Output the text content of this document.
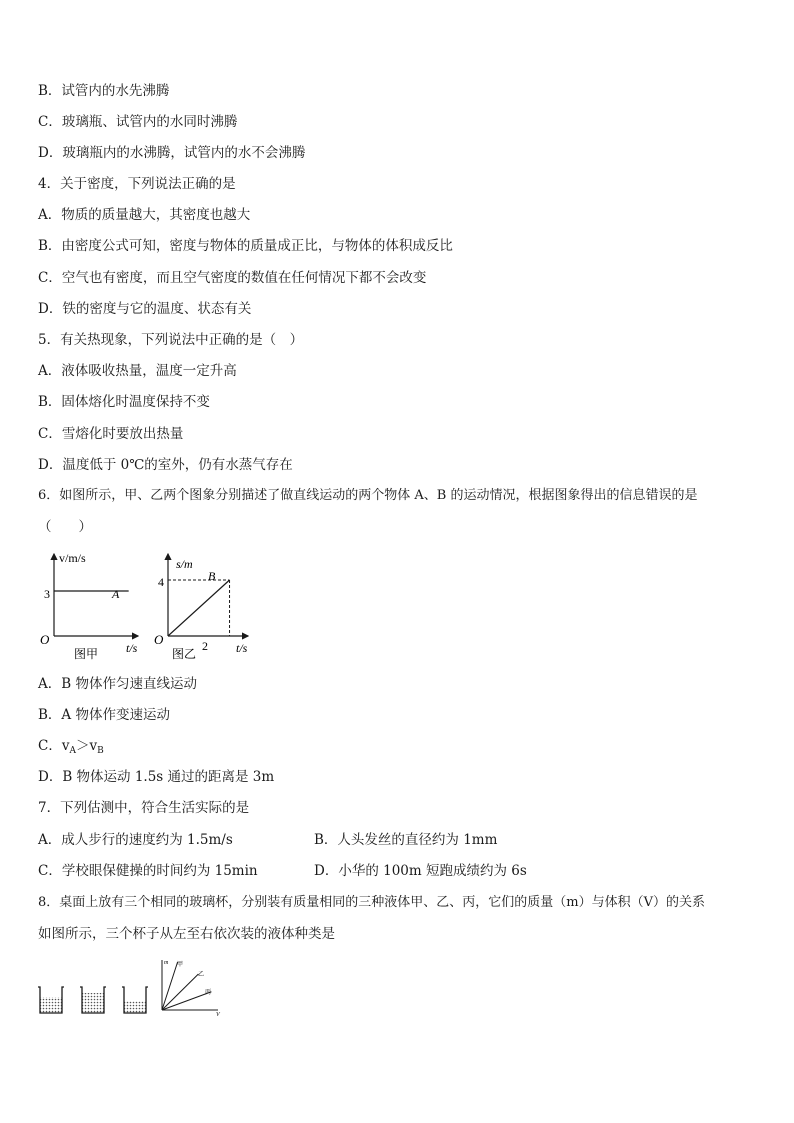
B．试管内的水先沸腾
C．玻璃瓶、试管内的水同时沸腾
D．玻璃瓶内的水沸腾，试管内的水不会沸腾
4．关于密度，下列说法正确的是
A．物质的质量越大，其密度也越大
B．由密度公式可知，密度与物体的质量成正比，与物体的体积成反比
C．空气也有密度，而且空气密度的数值在任何情况下都不会改变
D．铁的密度与它的温度、状态有关
5．有关热现象，下列说法中正确的是（　）
A．液体吸收热量，温度一定升高
B．固体熔化时温度保持不变
C．雪熔化时要放出热量
D．温度低于 0℃的室外，仍有水蒸气存在
6．如图所示，甲、乙两个图象分别描述了做直线运动的两个物体 A、B 的运动情况，根据图象得出的信息错误的是
（　　）
v/m/s
3	A
O
t/s
图甲
s/m
4	B
O	2 t/s
图乙
A．B 物体作匀速直线运动
B．A 物体作变速运动
C．$v_A>v_B$
D．B 物体运动 1.5s 通过的距离是 3m
7．下列估测中，符合生活实际的是
A．成人步行的速度约为 1.5m/s	B．人头发丝的直径约为 1mm
C．学校眼保健操的时间约为 15min	D．小华的 100m 短跑成绩约为 6s
8．桌面上放有三个相同的玻璃杯，分别装有质量相同的三种液体甲、乙、丙，它们的质量（m）与体积（V）的关系
如图所示，三个杯子从左至右依次装的液体种类是
m
V
甲
乙
丙
